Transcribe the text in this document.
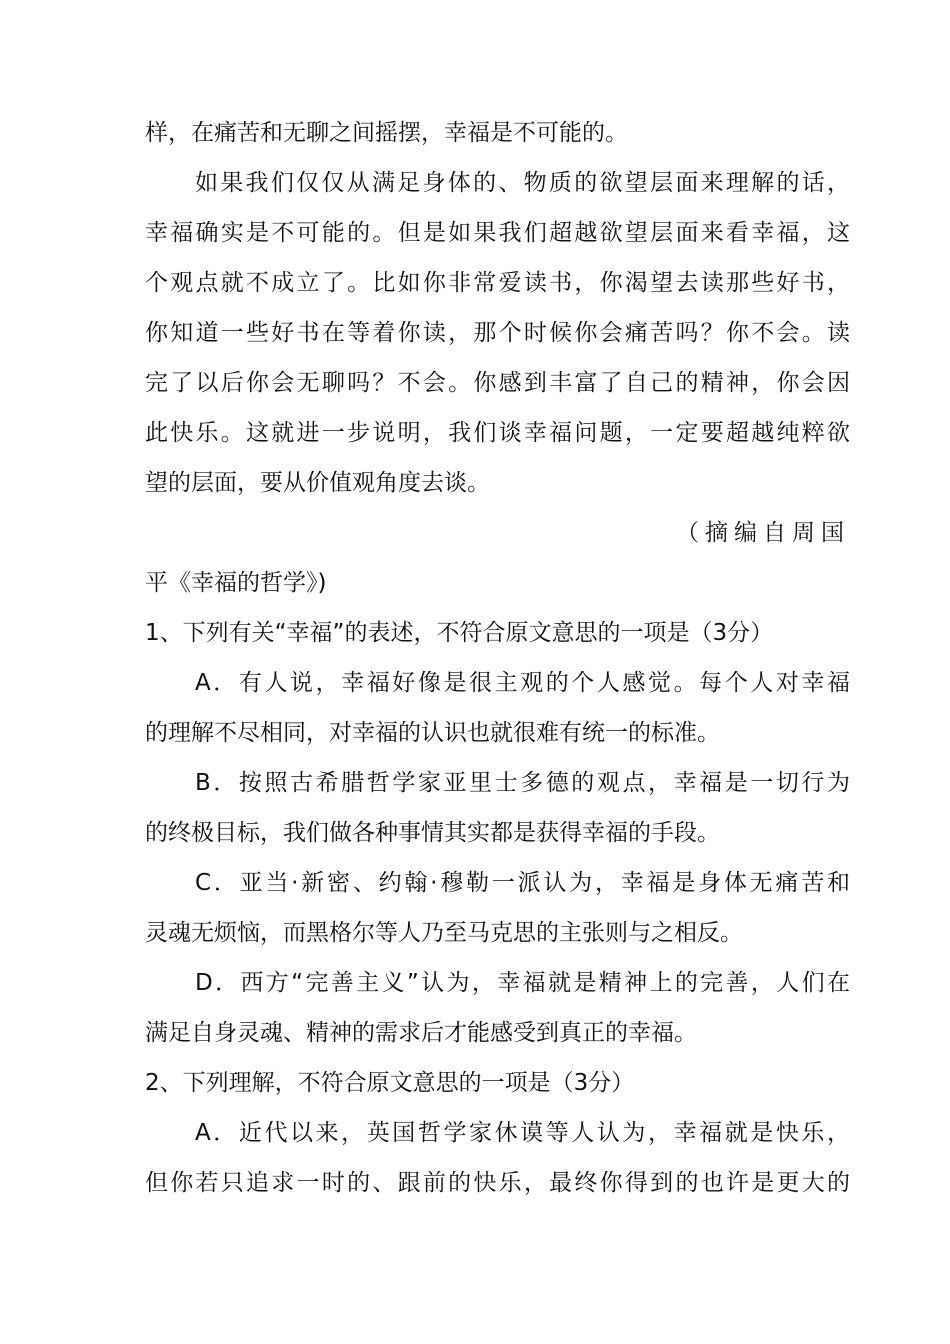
样，在痛苦和无聊之间摇摆，幸福是不可能的。
如果我们仅仅从满足身体的、物质的欲望层面来理解的话，
幸福确实是不可能的。但是如果我们超越欲望层面来看幸福，这
个观点就不成立了。比如你非常爱读书，你渴望去读那些好书，
你知道一些好书在等着你读，那个时候你会痛苦吗？你不会。读
完了以后你会无聊吗？不会。你感到丰富了自己的精神，你会因
此快乐。这就进一步说明，我们谈幸福问题，一定要超越纯粹欲
望的层面，要从价值观角度去谈。
（摘编自周国
平《幸福的哲学》)
1、下列有关“幸福”的表述，不符合原文意思的一项是（3分）
A．有人说，幸福好像是很主观的个人感觉。每个人对幸福
的理解不尽相同，对幸福的认识也就很难有统一的标准。
B．按照古希腊哲学家亚里士多德的观点，幸福是一切行为
的终极目标，我们做各种事情其实都是获得幸福的手段。
C．亚当·新密、约翰·穆勒一派认为，幸福是身体无痛苦和
灵魂无烦恼，而黑格尔等人乃至马克思的主张则与之相反。
D．西方“完善主义”认为，幸福就是精神上的完善，人们在
满足自身灵魂、精神的需求后才能感受到真正的幸福。
2、下列理解，不符合原文意思的一项是（3分）
A．近代以来，英国哲学家休谟等人认为，幸福就是快乐，
但你若只追求一时的、跟前的快乐，最终你得到的也许是更大的
